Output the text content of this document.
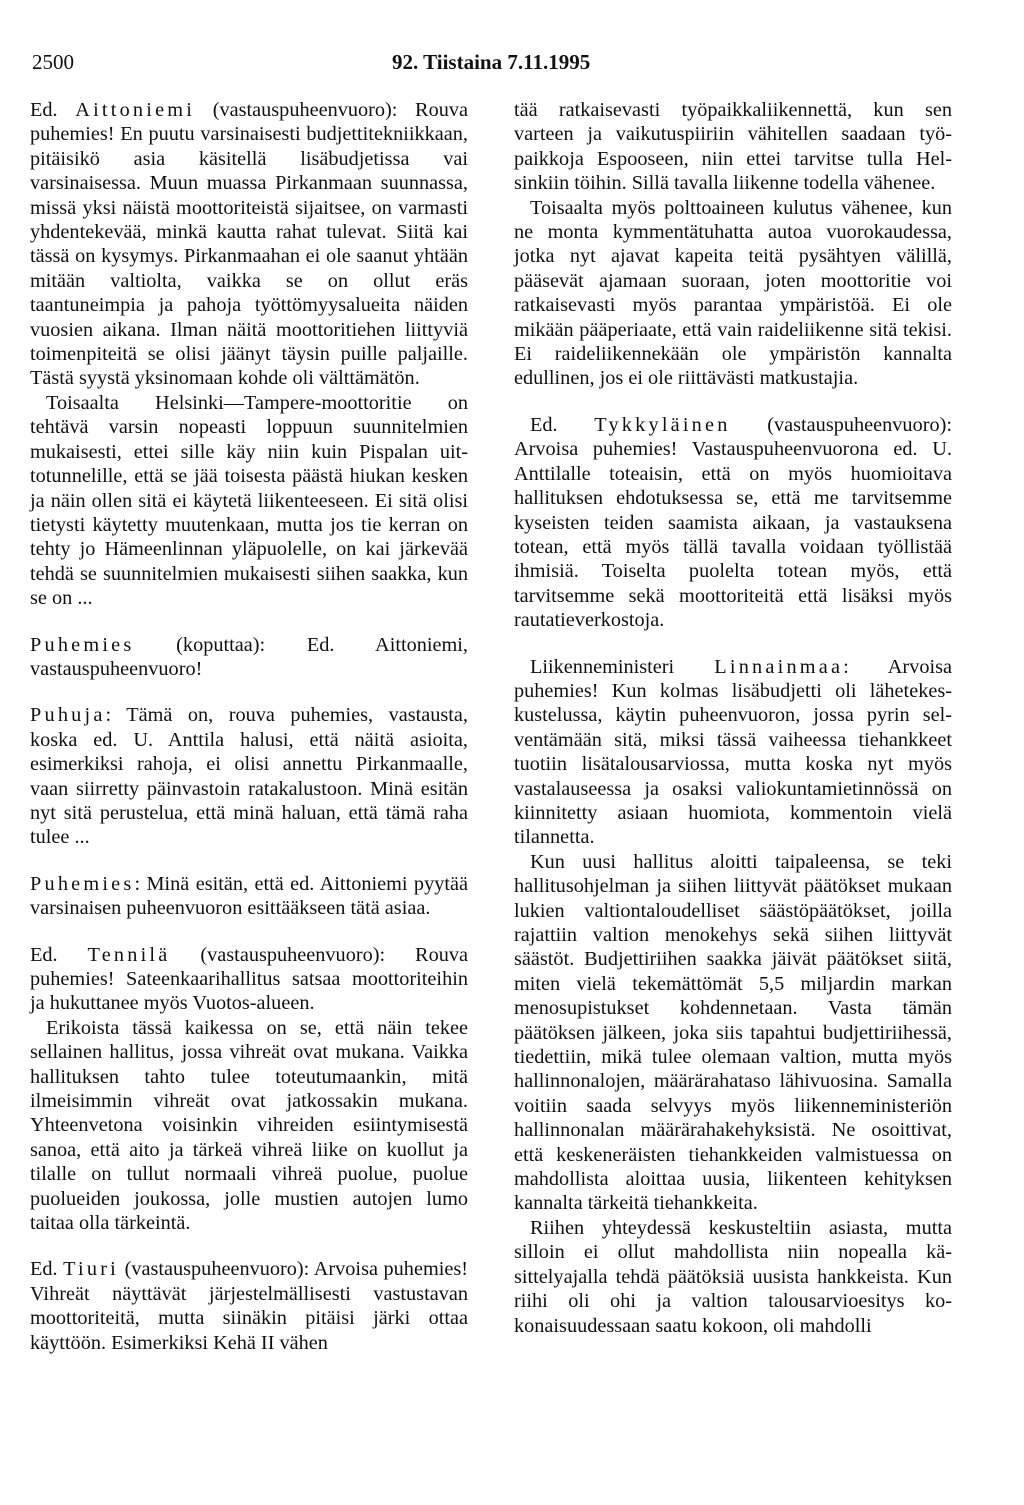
2500	92. Tiistaina 7.11.1995

Ed. Aittoniemi (vastauspuheenvuoro): Rouva puhemies! En puutu varsinaisesti budjettitekniikkaan, pitäisikö asia käsitellä lisäbudjetissa vai varsinaisessa. Muun muassa Pirkanmaan suunnassa, missä yksi näistä moottoriteistä sijaitsee, on varmasti yhdentekevää, minkä kautta rahat tulevat. Siitä kai tässä on kysymys. Pirkanmaahan ei ole saanut yhtään mitään valtiolta, vaikka se on ollut eräs taantuneimpia ja pahoja työttömyysalueita näiden vuosien aikana. Ilman näitä moottoritiehen liittyviä toimenpiteitä se olisi jäänyt täysin puille paljaille. Tästä syystä yksinomaan kohde oli välttämätön.

Toisaalta Helsinki—Tampere-moottoritie on tehtävä varsin nopeasti loppuun suunnitelmien mukaisesti, ettei sille käy niin kuin Pispalan uittotunnelille, että se jää toisesta päästä hiukan kesken ja näin ollen sitä ei käytetä liikenteeseen. Ei sitä olisi tietysti käytetty muutenkaan, mutta jos tie kerran on tehty jo Hämeenlinnan yläpuolelle, on kai järkevää tehdä se suunnitelmien mukaisesti siihen saakka, kun se on ...

Puhemies (koputtaa): Ed. Aittoniemi, vastauspuheenvuoro!

Puhuja: Tämä on, rouva puhemies, vastausta, koska ed. U. Anttila halusi, että näitä asioita, esimerkiksi rahoja, ei olisi annettu Pirkanmaalle, vaan siirretty päinvastoin ratakalustoon. Minä esitän nyt sitä perustelua, että minä haluan, että tämä raha tulee ...

Puhemies: Minä esitän, että ed. Aittoniemi pyytää varsinaisen puheenvuoron esittääkseen tätä asiaa.

Ed. Tennilä (vastauspuheenvuoro): Rouva puhemies! Sateenkaarihallitus satsaa moottoriteihin ja hukuttanee myös Vuotos-alueen.

Erikoista tässä kaikessa on se, että näin tekee sellainen hallitus, jossa vihreät ovat mukana. Vaikka hallituksen tahto tulee toteutumaankin, mitä ilmeisimmin vihreät ovat jatkossakin mukana. Yhteenvetona voisinkin vihreiden esiintymisestä sanoa, että aito ja tärkeä vihreä liike on kuollut ja tilalle on tullut normaali vihreä puolue, puolue puolueiden joukossa, jolle mustien autojen lumo taitaa olla tärkeintä.

Ed. Tiuri (vastauspuheenvuoro): Arvoisa puhemies! Vihreät näyttävät järjestelmällisesti vastustavan moottoriteitä, mutta siinäkin pitäisi järki ottaa käyttöön. Esimerkiksi Kehä II vähen

tää ratkaisevasti työpaikkaliikennettä, kun sen varteen ja vaikutuspiiriin vähitellen saadaan työpaikkoja Espooseen, niin ettei tarvitse tulla Helsinkiin töihin. Sillä tavalla liikenne todella vähenee.

Toisaalta myös polttoaineen kulutus vähenee, kun ne monta kymmentätuhatta autoa vuorokaudessa, jotka nyt ajavat kapeita teitä pysähtyen välillä, pääsevät ajamaan suoraan, joten moottoritie voi ratkaisevasti myös parantaa ympäristöä. Ei ole mikään pääperiaate, että vain raideliikenne sitä tekisi. Ei raideliikennekään ole ympäristön kannalta edullinen, jos ei ole riittävästi matkustajia.

Ed. Tykkyläinen (vastauspuheenvuoro): Arvoisa puhemies! Vastauspuheenvuorona ed. U. Anttilalle toteaisin, että on myös huomioitava hallituksen ehdotuksessa se, että me tarvitsemme kyseisten teiden saamista aikaan, ja vastauksena totean, että myös tällä tavalla voidaan työllistää ihmisiä. Toiselta puolelta totean myös, että tarvitsemme sekä moottoriteitä että lisäksi myös rautatieverkostoja.

Liikenneministeri Linnainmaa: Arvoisa puhemies! Kun kolmas lisäbudjetti oli lähetekeskustelussa, käytin puheenvuoron, jossa pyrin selventämään sitä, miksi tässä vaiheessa tiehankkeet tuotiin lisätalousarviossa, mutta koska nyt myös vastalauseessa ja osaksi valiokuntamietinnössä on kiinnitetty asiaan huomiota, kommentoin vielä tilannetta.

Kun uusi hallitus aloitti taipaleensa, se teki hallitusohjelman ja siihen liittyvät päätökset mukaan lukien valtiontaloudelliset säästöpäätökset, joilla rajattiin valtion menokehys sekä siihen liittyvät säästöt. Budjettiriihen saakka jäivät päätökset siitä, miten vielä tekemättömät 5,5 miljardin markan menosupistukset kohdennetaan. Vasta tämän päätöksen jälkeen, joka siis tapahtui budjettiriihessä, tiedettiin, mikä tulee olemaan valtion, mutta myös hallinnonalojen, määrärahataso lähivuosina. Samalla voitiin saada selvyys myös liikenneministeriön hallinnonalan määrärahakehyksistä. Ne osoittivat, että keskeneräisten tiehankkeiden valmistuessa on mahdollista aloittaa uusia, liikenteen kehityksen kannalta tärkeitä tiehankkeita.

Riihen yhteydessä keskusteltiin asiasta, mutta silloin ei ollut mahdollista niin nopealla käsittelyajalla tehdä päätöksiä uusista hankkeista. Kun riihi oli ohi ja valtion talousarvioesitys kokonaisuudessaan saatu kokoon, oli mahdolli
